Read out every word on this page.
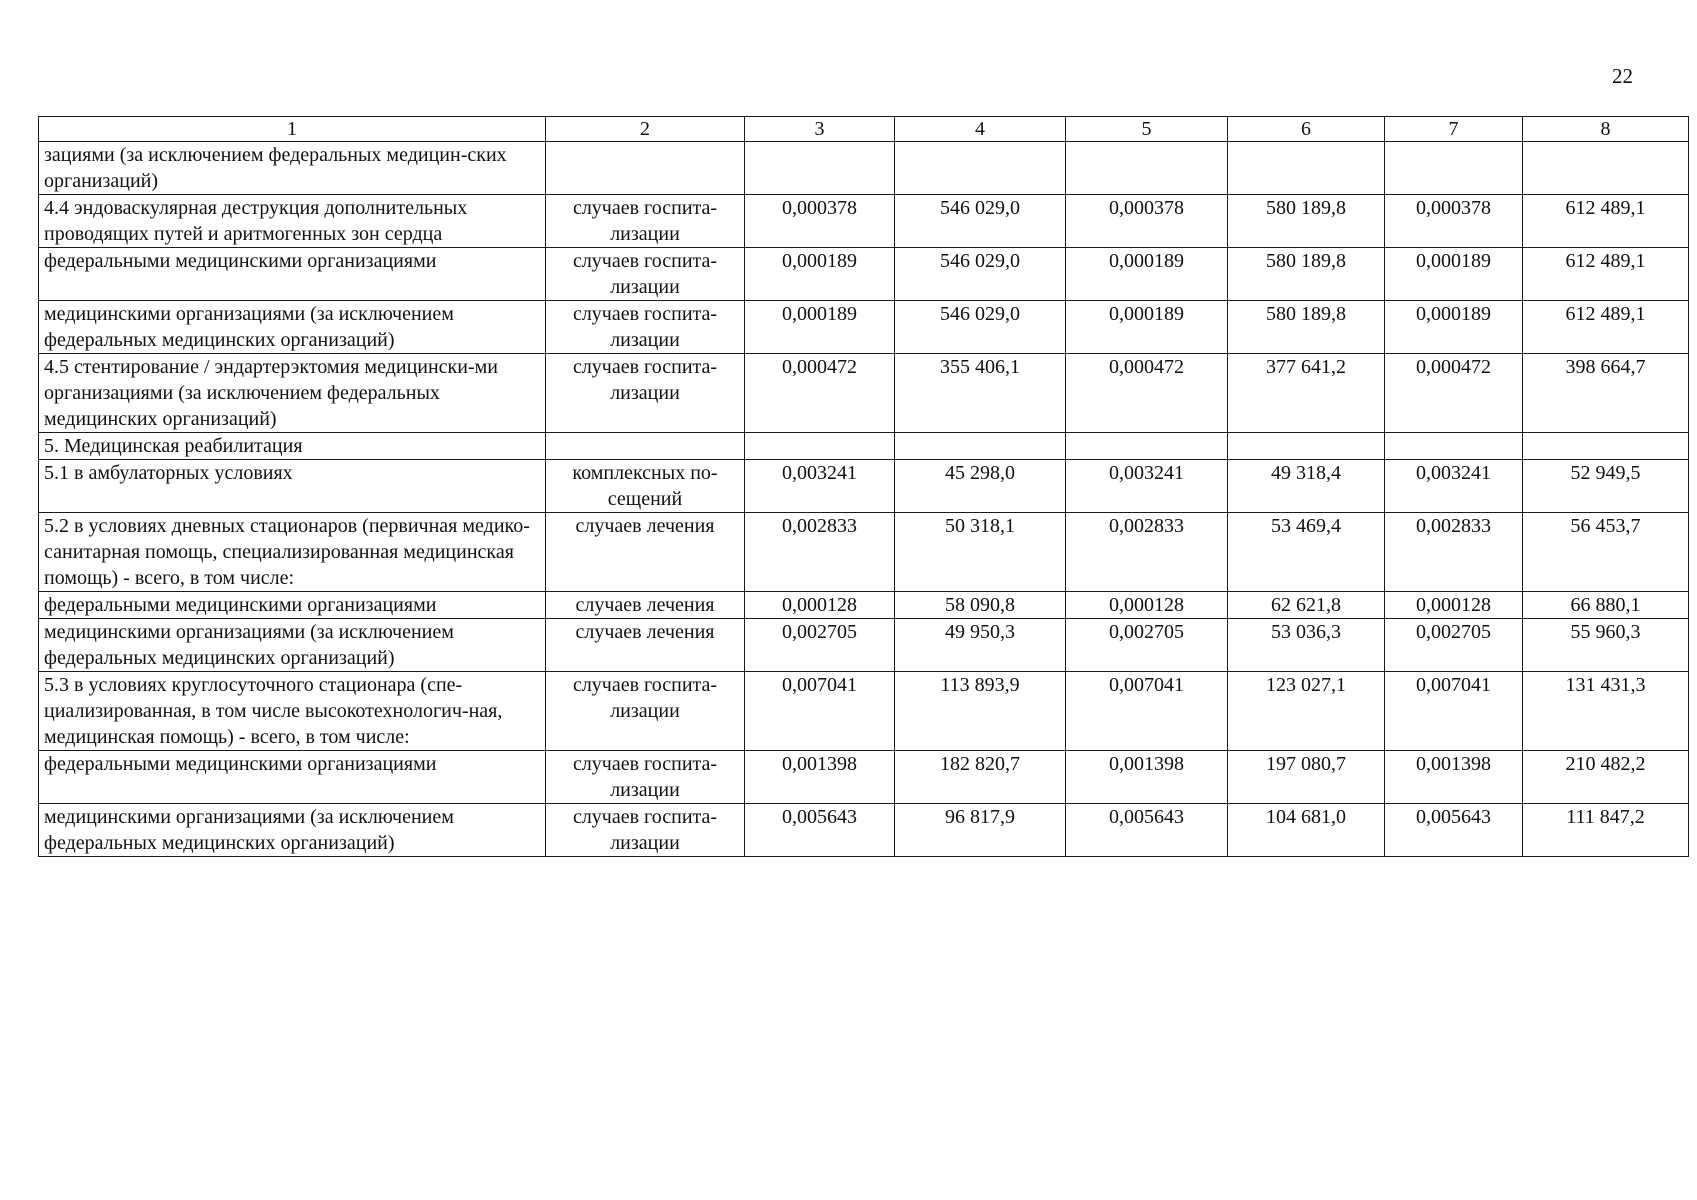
22
1	2	3	4	5	6	7	8
зациями (за исключением федеральных медицин-ских организаций)							
4.4 эндоваскулярная деструкция дополнительных проводящих путей и аритмогенных зон сердца	случаев госпита-лизации	0,000378	546 029,0	0,000378	580 189,8	0,000378	612 489,1
федеральными медицинскими организациями	случаев госпита-лизации	0,000189	546 029,0	0,000189	580 189,8	0,000189	612 489,1
медицинскими организациями (за исключением федеральных медицинских организаций)	случаев госпита-лизации	0,000189	546 029,0	0,000189	580 189,8	0,000189	612 489,1
4.5 стентирование / эндартерэктомия медицински-ми организациями (за исключением федеральных медицинских организаций)	случаев госпита-лизации	0,000472	355 406,1	0,000472	377 641,2	0,000472	398 664,7
5. Медицинская реабилитация							
5.1 в амбулаторных условиях	комплексных по-сещений	0,003241	45 298,0	0,003241	49 318,4	0,003241	52 949,5
5.2 в условиях дневных стационаров (первичная медико-санитарная помощь, специализированная медицинская помощь) - всего, в том числе:	случаев лечения	0,002833	50 318,1	0,002833	53 469,4	0,002833	56 453,7
федеральными медицинскими организациями	случаев лечения	0,000128	58 090,8	0,000128	62 621,8	0,000128	66 880,1
медицинскими организациями (за исключением федеральных медицинских организаций)	случаев лечения	0,002705	49 950,3	0,002705	53 036,3	0,002705	55 960,3
5.3 в условиях круглосуточного стационара (спе-циализированная, в том числе высокотехнологич-ная, медицинская помощь) - всего, в том числе:	случаев госпита-лизации	0,007041	113 893,9	0,007041	123 027,1	0,007041	131 431,3
федеральными медицинскими организациями	случаев госпита-лизации	0,001398	182 820,7	0,001398	197 080,7	0,001398	210 482,2
медицинскими организациями (за исключением федеральных медицинских организаций)	случаев госпита-лизации	0,005643	96 817,9	0,005643	104 681,0	0,005643	111 847,2
